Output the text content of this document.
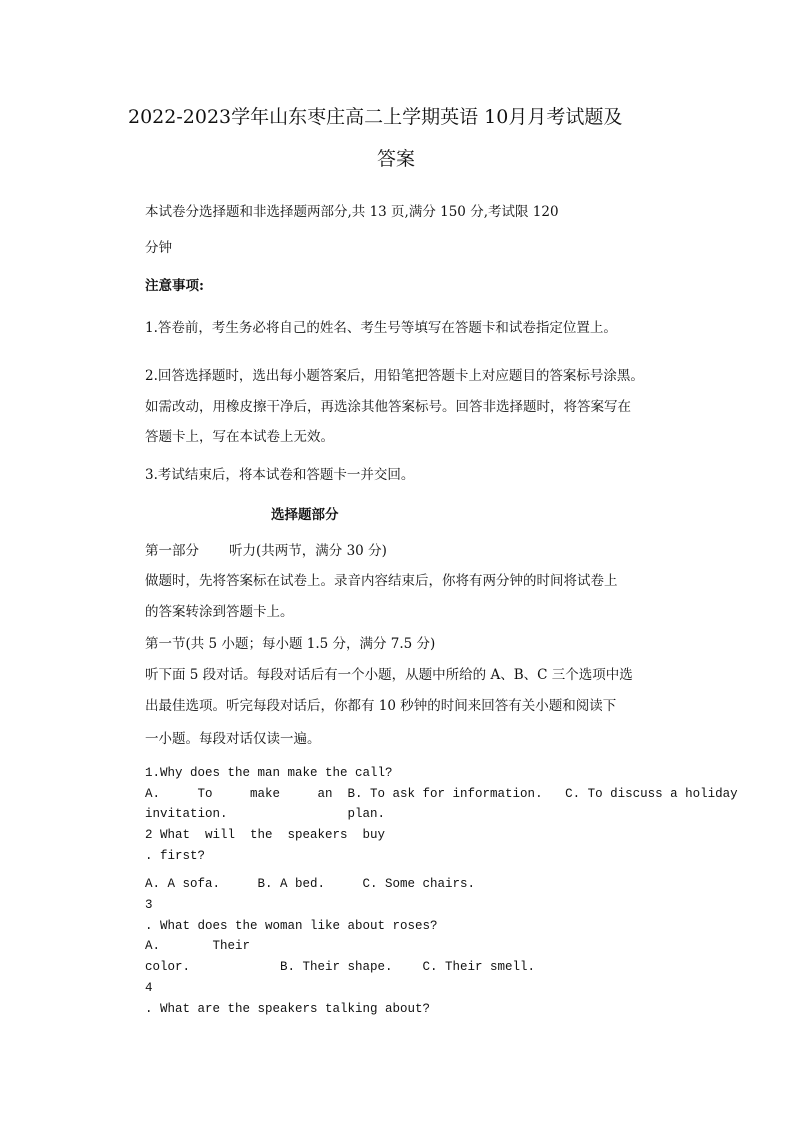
2022-2023学年山东枣庄高二上学期英语 10月月考试题及
答案
本试卷分选择题和非选择题两部分,共 13 页,满分 150 分,考试限 120
分钟
注意事项:
1.答卷前，考生务必将自己的姓名、考生号等填写在答题卡和试卷指定位置上。
2.回答选择题时，选出每小题答案后，用铅笔把答题卡上对应题目的答案标号涂黑。
如需改动，用橡皮擦干净后，再选涂其他答案标号。回答非选择题时，将答案写在
答题卡上，写在本试卷上无效。
3.考试结束后，将本试卷和答题卡一并交回。
选择题部分
第一部分       听力(共两节，满分 30 分)
做题时，先将答案标在试卷上。录音内容结束后，你将有两分钟的时间将试卷上
的答案转涂到答题卡上。
第一节(共 5 小题；每小题 1.5 分，满分 7.5 分)
听下面 5 段对话。每段对话后有一个小题，从题中所给的 A、B、C 三个选项中选
出最佳选项。听完每段对话后，你都有 10 秒钟的时间来回答有关小题和阅读下
一小题。每段对话仅读一遍。
1.Why does the man make the call?
A.     To     make     an  B. To ask for information.   C. To discuss a holiday
invitation.                plan.
2 What  will  the  speakers  buy
. first?
A. A sofa.     B. A bed.     C. Some chairs.
3
. What does the woman like about roses?
A.       Their
color.            B. Their shape.    C. Their smell.
4
. What are the speakers talking about?
